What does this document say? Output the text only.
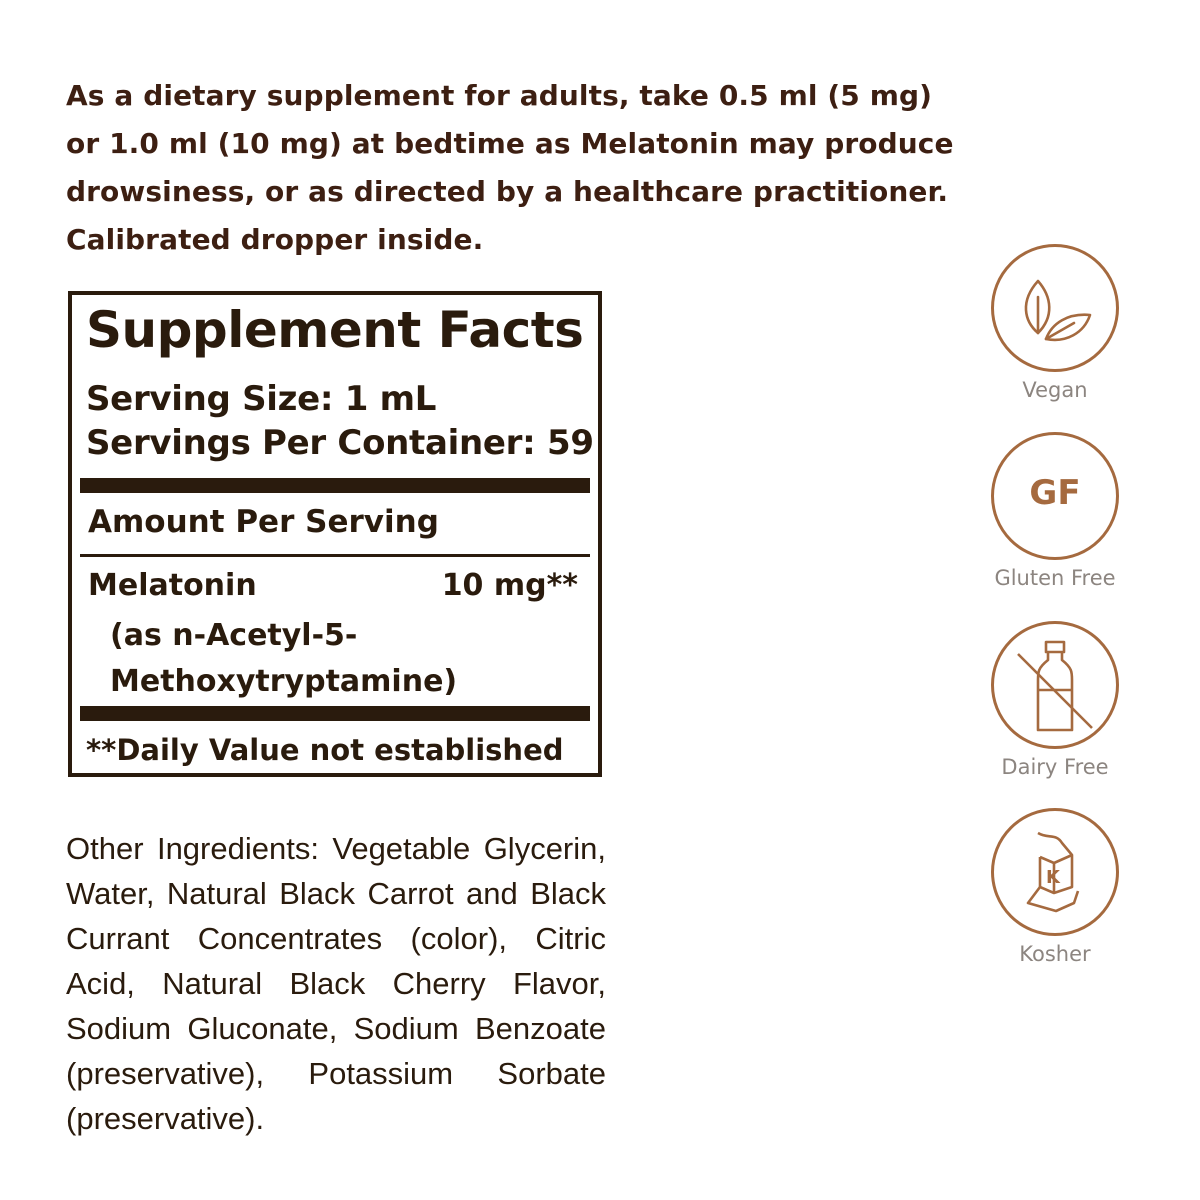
As a dietary supplement for adults, take 0.5 ml (5 mg)
or 1.0 ml (10 mg) at bedtime as Melatonin may produce
drowsiness, or as directed by a healthcare practitioner.
Calibrated dropper inside.
Supplement Facts
Serving Size: 1 mL
Servings Per Container: 59
Amount Per Serving
Melatonin	10 mg**
(as n-Acetyl-5-
Methoxytryptamine)
**Daily Value not established
Other Ingredients: Vegetable Glycerin,
Water, Natural Black Carrot and Black
Currant Concentrates (color), Citric
Acid, Natural Black Cherry Flavor,
Sodium Gluconate, Sodium Benzoate
(preservative), Potassium Sorbate
(preservative).
Vegan
GF
Gluten Free
Dairy Free
K
Kosher
